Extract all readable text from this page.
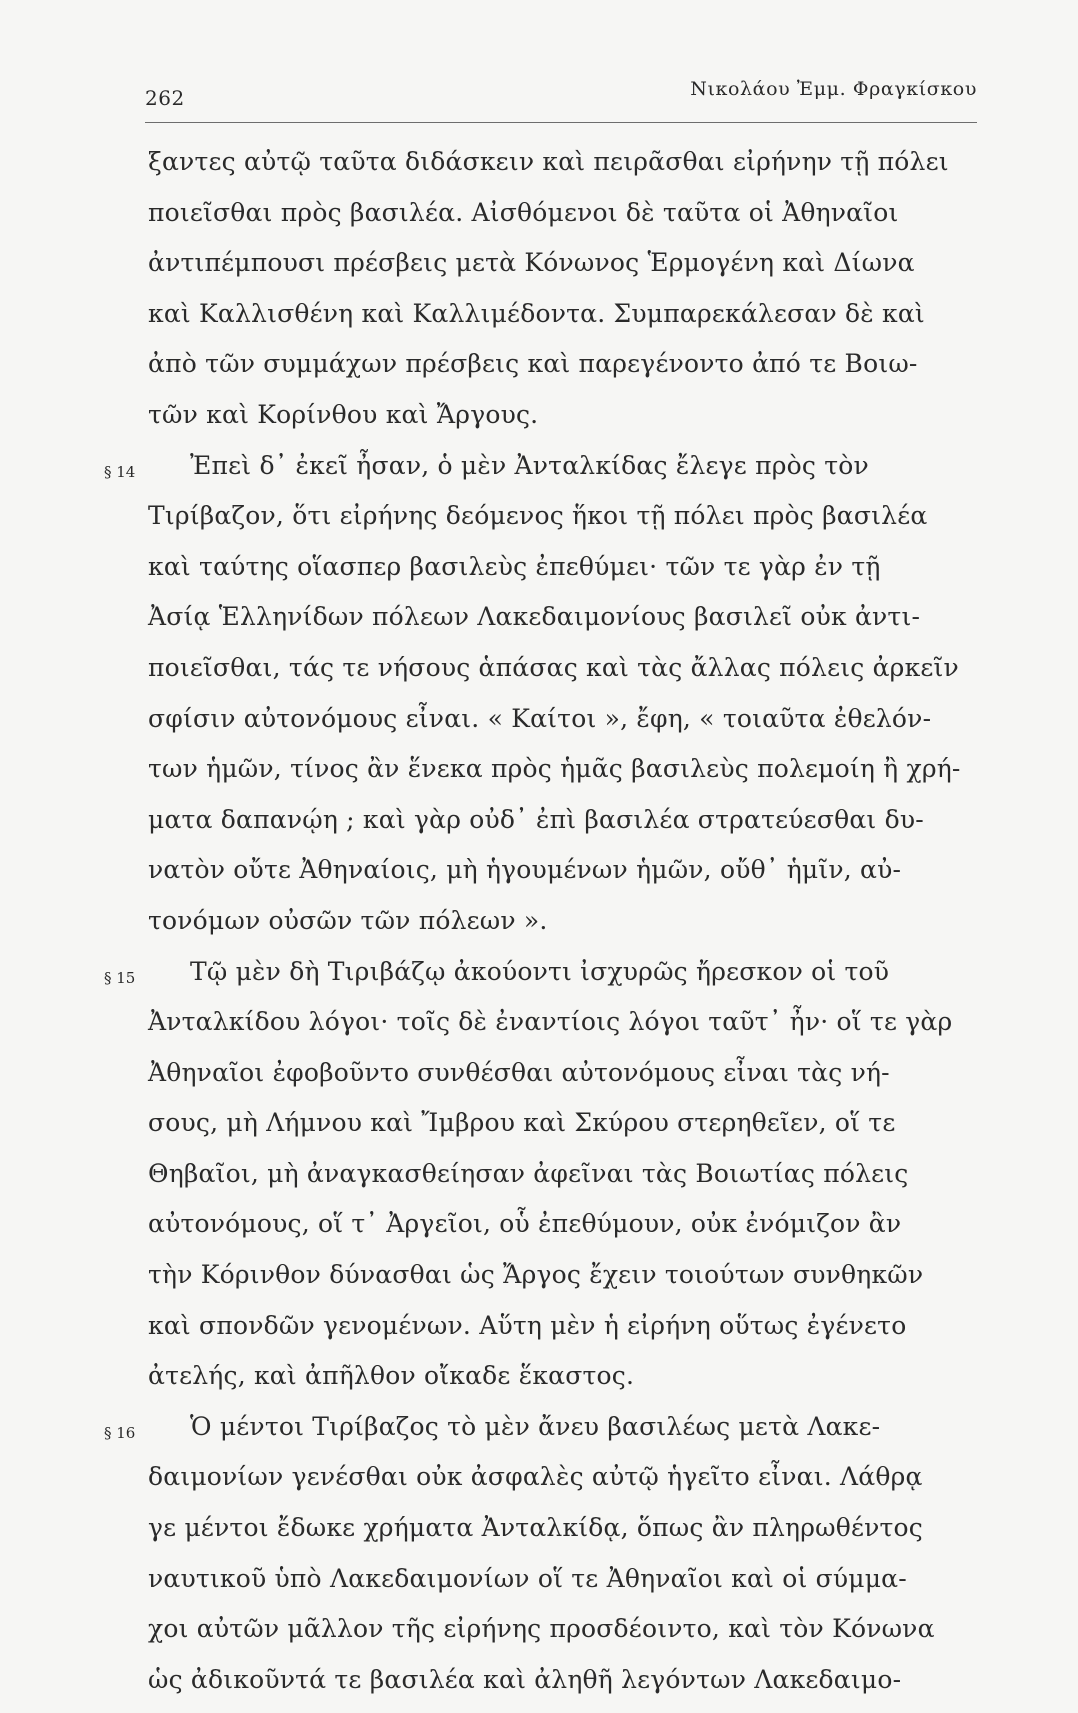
262	Νικολάου Ἐμμ. Φραγκίσκου
ξαντες αὐτῷ ταῦτα διδάσκειν καὶ πειρᾶσθαι εἰρήνην τῇ πόλει
ποιεῖσθαι πρὸς βασιλέα. Αἰσθόμενοι δὲ ταῦτα οἱ Ἀθηναῖοι
ἀντιπέμπουσι πρέσβεις μετὰ Κόνωνος Ἑρμογένη καὶ Δίωνα
καὶ Καλλισθένη καὶ Καλλιμέδοντα. Συμπαρεκάλεσαν δὲ καὶ
ἀπὸ τῶν συμμάχων πρέσβεις καὶ παρεγένοντο ἀπό τε Βοιω-
τῶν καὶ Κορίνθου καὶ Ἄργους.
§ 14 Ἐπεὶ δ᾽ ἐκεῖ ἦσαν, ὁ μὲν Ἀνταλκίδας ἔλεγε πρὸς τὸν
Τιρίβαζον, ὅτι εἰρήνης δεόμενος ἥκοι τῇ πόλει πρὸς βασιλέα
καὶ ταύτης οἵασπερ βασιλεὺς ἐπεθύμει· τῶν τε γὰρ ἐν τῇ
Ἀσίᾳ Ἑλληνίδων πόλεων Λακεδαιμονίους βασιλεῖ οὐκ ἀντι-
ποιεῖσθαι, τάς τε νήσους ἁπάσας καὶ τὰς ἄλλας πόλεις ἀρκεῖν
σφίσιν αὐτονόμους εἶναι. « Καίτοι », ἔφη, « τοιαῦτα ἐθελόν-
των ἡμῶν, τίνος ἂν ἕνεκα πρὸς ἡμᾶς βασιλεὺς πολεμοίη ἢ χρή-
ματα δαπανῴη ; καὶ γὰρ οὐδ᾽ ἐπὶ βασιλέα στρατεύεσθαι δυ-
νατὸν οὔτε Ἀθηναίοις, μὴ ἡγουμένων ἡμῶν, οὔθ᾽ ἡμῖν, αὐ-
τονόμων οὐσῶν τῶν πόλεων ».
§ 15 Τῷ μὲν δὴ Τιριβάζῳ ἀκούοντι ἰσχυρῶς ἤρεσκον οἱ τοῦ
Ἀνταλκίδου λόγοι· τοῖς δὲ ἐναντίοις λόγοι ταῦτ᾽ ἦν· οἵ τε γὰρ
Ἀθηναῖοι ἐφοβοῦντο συνθέσθαι αὐτονόμους εἶναι τὰς νή-
σους, μὴ Λήμνου καὶ Ἴμβρου καὶ Σκύρου στερηθεῖεν, οἵ τε
Θηβαῖοι, μὴ ἀναγκασθείησαν ἀφεῖναι τὰς Βοιωτίας πόλεις
αὐτονόμους, οἵ τ᾽ Ἀργεῖοι, οὗ ἐπεθύμουν, οὐκ ἐνόμιζον ἂν
τὴν Κόρινθον δύνασθαι ὡς Ἄργος ἔχειν τοιούτων συνθηκῶν
καὶ σπονδῶν γενομένων. Αὕτη μὲν ἡ εἰρήνη οὕτως ἐγένετο
ἀτελής, καὶ ἀπῆλθον οἴκαδε ἕκαστος.
§ 16 Ὁ μέντοι Τιρίβαζος τὸ μὲν ἄνευ βασιλέως μετὰ Λακε-
δαιμονίων γενέσθαι οὐκ ἀσφαλὲς αὐτῷ ἡγεῖτο εἶναι. Λάθρᾳ
γε μέντοι ἔδωκε χρήματα Ἀνταλκίδᾳ, ὅπως ἂν πληρωθέντος
ναυτικοῦ ὑπὸ Λακεδαιμονίων οἵ τε Ἀθηναῖοι καὶ οἱ σύμμα-
χοι αὐτῶν μᾶλλον τῆς εἰρήνης προσδέοιντο, καὶ τὸν Κόνωνα
ὡς ἀδικοῦντά τε βασιλέα καὶ ἀληθῆ λεγόντων Λακεδαιμο-
